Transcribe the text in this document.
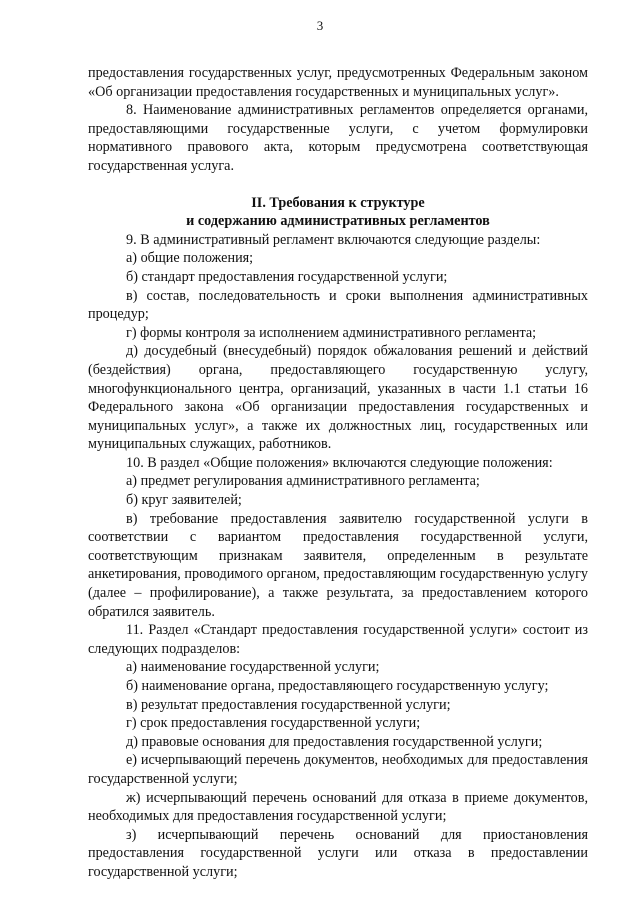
3

предоставления государственных услуг, предусмотренных Федеральным законом «Об организации предоставления государственных и муниципальных услуг».

8. Наименование административных регламентов определяется органами, предоставляющими государственные услуги, с учетом формулировки нормативного правового акта, которым предусмотрена соответствующая государственная услуга.

II. Требования к структуре

и содержанию административных регламентов

9. В административный регламент включаются следующие разделы:

а) общие положения;

б) стандарт предоставления государственной услуги;

в) состав, последовательность и сроки выполнения административных процедур;

г) формы контроля за исполнением административного регламента;

д) досудебный (внесудебный) порядок обжалования решений и действий (бездействия) органа, предоставляющего государственную услугу, многофункционального центра, организаций, указанных в части 1.1 статьи 16 Федерального закона «Об организации предоставления государственных и муниципальных услуг», а также их должностных лиц, государственных или муниципальных служащих, работников.

10. В раздел «Общие положения» включаются следующие положения:

а) предмет регулирования административного регламента;

б) круг заявителей;

в) требование предоставления заявителю государственной услуги в соответствии с вариантом предоставления государственной услуги, соответствующим признакам заявителя, определенным в результате анкетирования, проводимого органом, предоставляющим государственную услугу (далее – профилирование), а также результата, за предоставлением которого обратился заявитель.

11. Раздел «Стандарт предоставления государственной услуги» состоит из следующих подразделов:

а) наименование государственной услуги;

б) наименование органа, предоставляющего государственную услугу;

в) результат предоставления государственной услуги;

г) срок предоставления государственной услуги;

д) правовые основания для предоставления государственной услуги;

е) исчерпывающий перечень документов, необходимых для предоставления государственной услуги;

ж) исчерпывающий перечень оснований для отказа в приеме документов, необходимых для предоставления государственной услуги;

з) исчерпывающий перечень оснований для приостановления предоставления государственной услуги или отказа в предоставлении государственной услуги;
